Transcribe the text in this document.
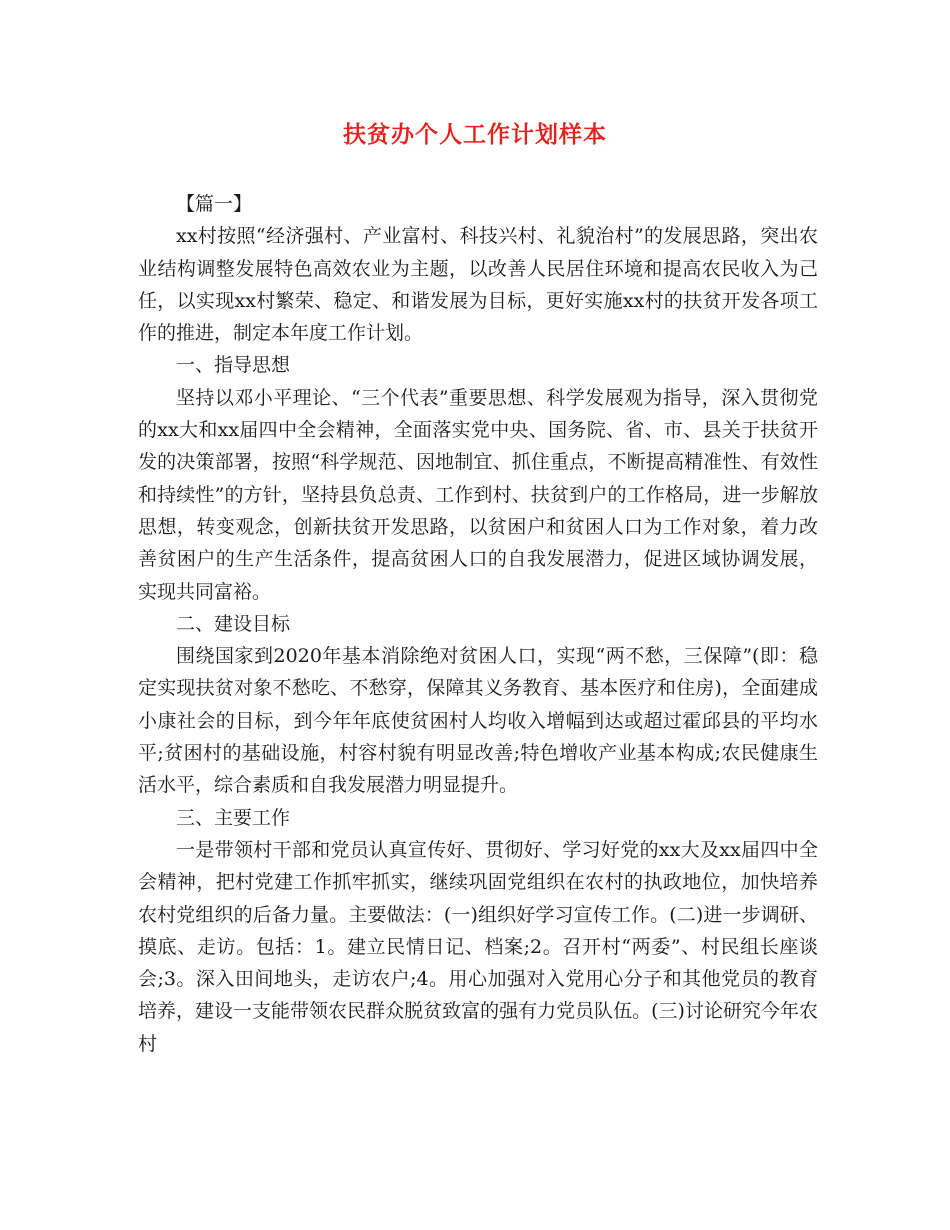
扶贫办个人工作计划样本

【篇一】

xx村按照“经济强村、产业富村、科技兴村、礼貌治村”的发展思路，突出农业结构调整发展特色高效农业为主题，以改善人民居住环境和提高农民收入为己任，以实现xx村繁荣、稳定、和谐发展为目标，更好实施xx村的扶贫开发各项工作的推进，制定本年度工作计划。

一、指导思想

坚持以邓小平理论、“三个代表”重要思想、科学发展观为指导，深入贯彻党的xx大和xx届四中全会精神，全面落实党中央、国务院、省、市、县关于扶贫开发的决策部署，按照“科学规范、因地制宜、抓住重点，不断提高精准性、有效性和持续性”的方针，坚持县负总责、工作到村、扶贫到户的工作格局，进一步解放思想，转变观念，创新扶贫开发思路，以贫困户和贫困人口为工作对象，着力改善贫困户的生产生活条件，提高贫困人口的自我发展潜力，促进区域协调发展，实现共同富裕。

二、建设目标

围绕国家到2020年基本消除绝对贫困人口，实现“两不愁，三保障”(即：稳定实现扶贫对象不愁吃、不愁穿，保障其义务教育、基本医疗和住房)，全面建成小康社会的目标，到今年年底使贫困村人均收入增幅到达或超过霍邱县的平均水平;贫困村的基础设施，村容村貌有明显改善;特色增收产业基本构成;农民健康生活水平，综合素质和自我发展潜力明显提升。

三、主要工作

一是带领村干部和党员认真宣传好、贯彻好、学习好党的xx大及xx届四中全会精神，把村党建工作抓牢抓实，继续巩固党组织在农村的执政地位，加快培养农村党组织的后备力量。主要做法：(一)组织好学习宣传工作。(二)进一步调研、摸底、走访。包括：1。建立民情日记、档案;2。召开村“两委”、村民组长座谈会;3。深入田间地头，走访农户;4。用心加强对入党用心分子和其他党员的教育培养，建设一支能带领农民群众脱贫致富的强有力党员队伍。(三)讨论研究今年农村
